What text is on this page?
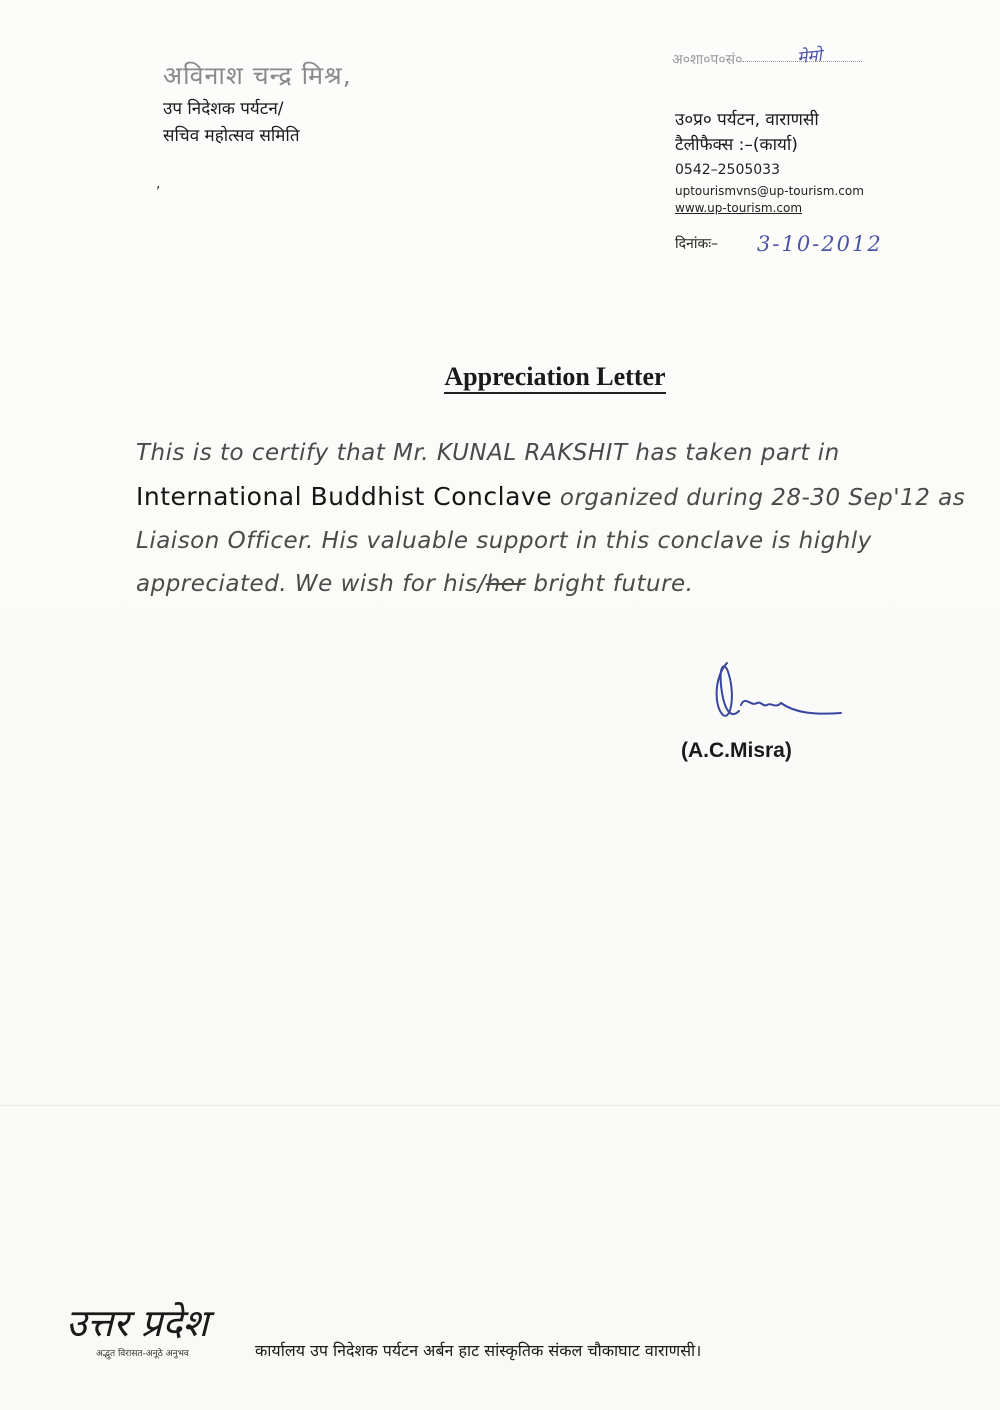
अविनाश चन्द्र मिश्र,
उप निदेशक पर्यटन/
सचिव महोत्सव समिति
,
अ०शा०प०सं०	मेमो
उ०प्र० पर्यटन, वाराणसी
टैलीफैक्स :–(कार्या)
0542–2505033
uptourismvns@up-tourism.com
www.up-tourism.com
दिनांकः– 3-10-2012
Appreciation Letter
This is to certify that Mr. KUNAL RAKSHIT has taken part in International Buddhist Conclave organized during 28-30 Sep'12 as Liaison Officer. His valuable support in this conclave is highly appreciated. We wish for his/her bright future.
(A.C.Misra)
उत्तर प्रदेश
अद्भुत विरासत-अनूठे अनुभव	कार्यालय उप निदेशक पर्यटन अर्बन हाट सांस्कृतिक संकल चौकाघाट वाराणसी।
